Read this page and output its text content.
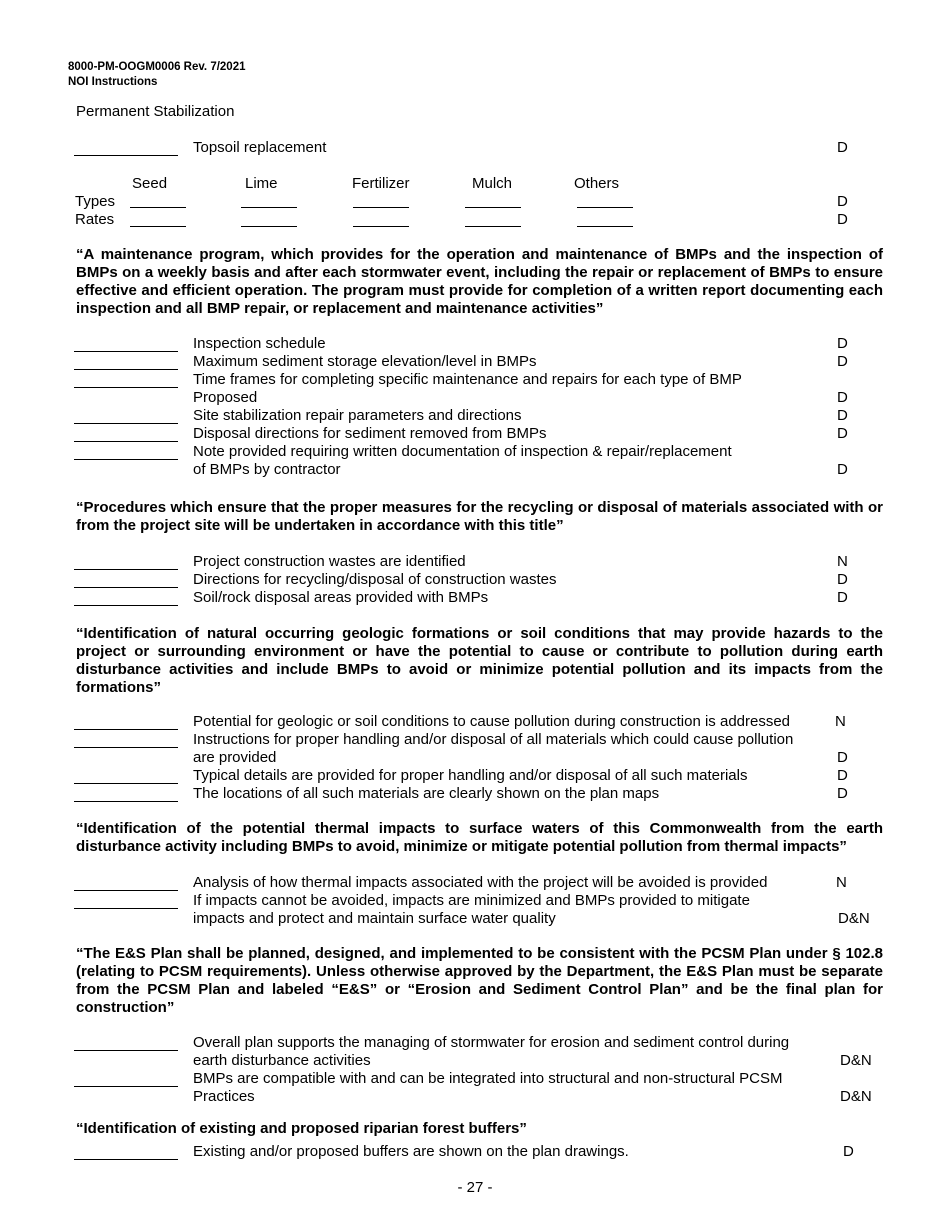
8000-PM-OOGM0006 Rev. 7/2021
NOI Instructions
Permanent Stabilization
Topsoil replacement	D
Seed	Lime	Fertilizer	Mulch	Others
Types	D
Rates	D
“A maintenance program, which provides for the operation and maintenance of BMPs and the inspection of BMPs on a weekly basis and after each stormwater event, including the repair or replacement of BMPs to ensure effective and efficient operation. The program must provide for completion of a written report documenting each inspection and all BMP repair, or replacement and maintenance activities”
Inspection schedule	D
Maximum sediment storage elevation/level in BMPs	D
Time frames for completing specific maintenance and repairs for each type of BMP
Proposed	D
Site stabilization repair parameters and directions	D
Disposal directions for sediment removed from BMPs	D
Note provided requiring written documentation of inspection & repair/replacement
of BMPs by contractor	D
“Procedures which ensure that the proper measures for the recycling or disposal of materials associated with or from the project site will be undertaken in accordance with this title”
Project construction wastes are identified	N
Directions for recycling/disposal of construction wastes	D
Soil/rock disposal areas provided with BMPs	D
“Identification of natural occurring geologic formations or soil conditions that may provide hazards to the project or surrounding environment or have the potential to cause or contribute to pollution during earth disturbance activities and include BMPs to avoid or minimize potential pollution and its impacts from the formations”
Potential for geologic or soil conditions to cause pollution during construction is addressed	N
Instructions for proper handling and/or disposal of all materials which could cause pollution
are provided	D
Typical details are provided for proper handling and/or disposal of all such materials	D
The locations of all such materials are clearly shown on the plan maps	D
“Identification of the potential thermal impacts to surface waters of this Commonwealth from the earth disturbance activity including BMPs to avoid, minimize or mitigate potential pollution from thermal impacts”
Analysis of how thermal impacts associated with the project will be avoided is provided	N
If impacts cannot be avoided, impacts are minimized and BMPs provided to mitigate
impacts and protect and maintain surface water quality	D&N
“The E&S Plan shall be planned, designed, and implemented to be consistent with the PCSM Plan under § 102.8 (relating to PCSM requirements). Unless otherwise approved by the Department, the E&S Plan must be separate from the PCSM Plan and labeled “E&S” or “Erosion and Sediment Control Plan” and be the final plan for construction”
Overall plan supports the managing of stormwater for erosion and sediment control during
earth disturbance activities	D&N
BMPs are compatible with and can be integrated into structural and non-structural PCSM
Practices	D&N
“Identification of existing and proposed riparian forest buffers”
Existing and/or proposed buffers are shown on the plan drawings.	D
- 27 -
